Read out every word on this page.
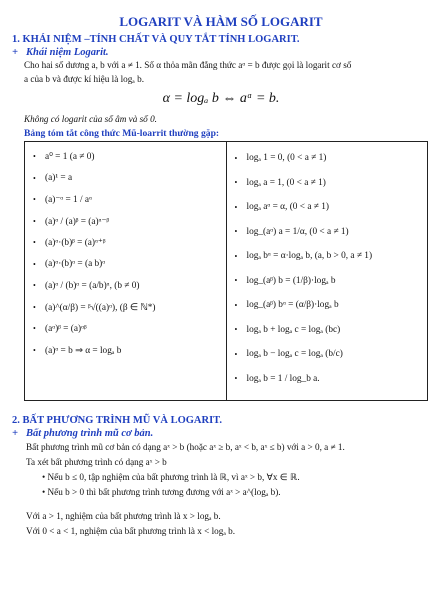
LOGARIT VÀ HÀM SỐ LOGARIT
1. KHÁI NIỆM –TÍNH CHẤT VÀ QUY TẮT TÍNH LOGARIT.
+ Khái niệm Logarit.
Cho hai số dương a, b với a ≠ 1. Số α thỏa mãn đẳng thức aᵅ = b được gọi là logarit cơ số
a của b và được kí hiệu là logₐ b.
α = logₐ b ⇔ aᵅ = b.
Không có logarit của số âm và số 0.
Bảng tóm tắt công thức Mũ-loarrit thường gặp:
• a⁰ = 1 (a ≠ 0)
• (a)¹ = a
• (a)⁻ᵅ = 1 / aᵅ
• (a)ᵅ / (a)ᵝ = (a)ᵅ⁻ᵝ
• (a)ᵅ·(b)ᵝ = (a)ᵅ⁺ᵝ
• (a)ᵅ·(b)ᵅ = (a b)ᵅ
• (a)ᵅ / (b)ᵅ = (a/b)ᵅ, (b ≠ 0)
• (a)^(α/β) = ᵝ√((a)ᵅ), (β ∈ ℕ*)
• (aᵅ)ᵝ = (a)ᵅᵝ
• (a)ᵅ = b ⇒ α = logₐ b
• logₐ 1 = 0, (0 < a ≠ 1)
• logₐ a = 1, (0 < a ≠ 1)
• logₐ aᵅ = α, (0 < a ≠ 1)
• log_(aᵅ) a = 1/α, (0 < a ≠ 1)
• logₐ bᵅ = α·logₐ b, (a, b > 0, a ≠ 1)
• log_(aᵝ) b = (1/β)·logₐ b
• log_(aᵝ) bᵅ = (α/β)·logₐ b
• logₐ b + logₐ c = logₐ (bc)
• logₐ b − logₐ c = logₐ (b/c)
• logₐ b = 1 / log_b a.
2. BẤT PHƯƠNG TRÌNH MŨ VÀ LOGARIT.
+ Bất phương trình mũ cơ bản.
Bất phương trình mũ cơ bản có dạng aˣ > b (hoặc aˣ ≥ b, aˣ < b, aˣ ≤ b) với a > 0, a ≠ 1.
Ta xét bất phương trình có dạng aˣ > b
• Nếu b ≤ 0, tập nghiệm của bất phương trình là ℝ, vì aˣ > b, ∀x ∈ ℝ.
• Nếu b > 0 thì bất phương trình tương đương với aˣ > a^(logₐ b).
Với a > 1, nghiệm của bất phương trình là x > logₐ b.
Với 0 < a < 1, nghiệm của bất phương trình là x < logₐ b.
